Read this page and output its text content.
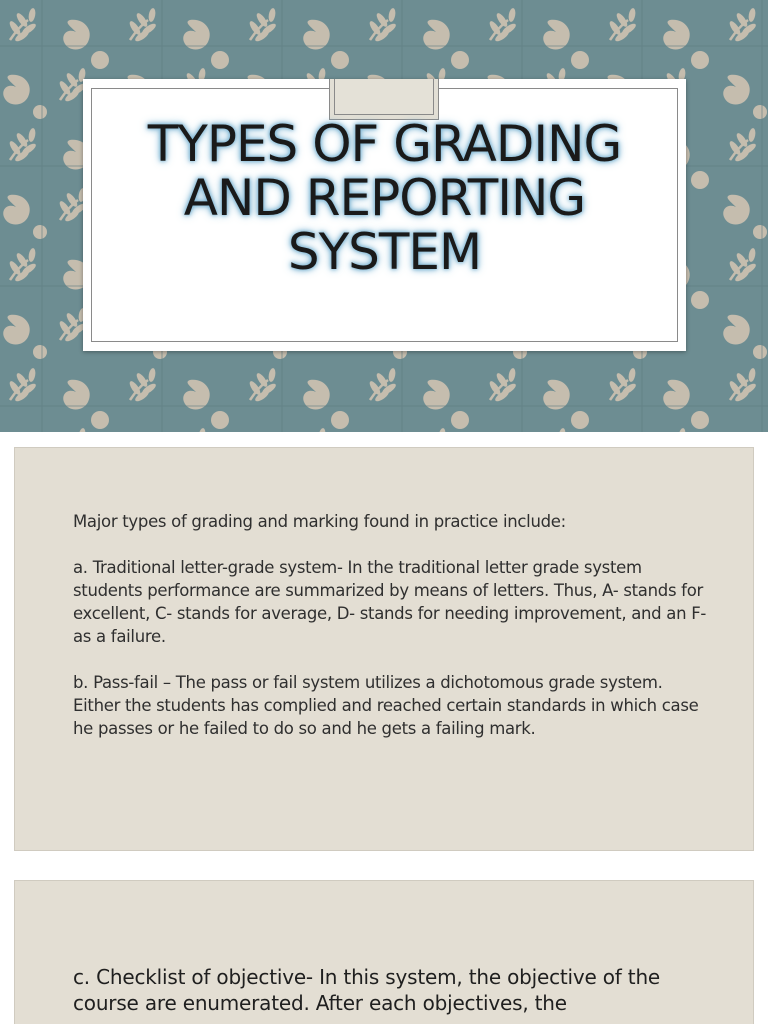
TYPES OF GRADING
AND REPORTING
SYSTEM

Major types of grading and marking found in practice include:

a. Traditional letter-grade system- In the traditional letter grade system students performance are summarized by means of letters. Thus, A- stands for excellent, C- stands for average, D- stands for needing improvement, and an F- as a failure.

b. Pass-fail – The pass or fail system utilizes a dichotomous grade system. Either the students has complied and reached certain standards in which case he passes or he failed to do so and he gets a failing mark.

c. Checklist of objective- In this system, the objective of the course are enumerated. After each objectives, the
